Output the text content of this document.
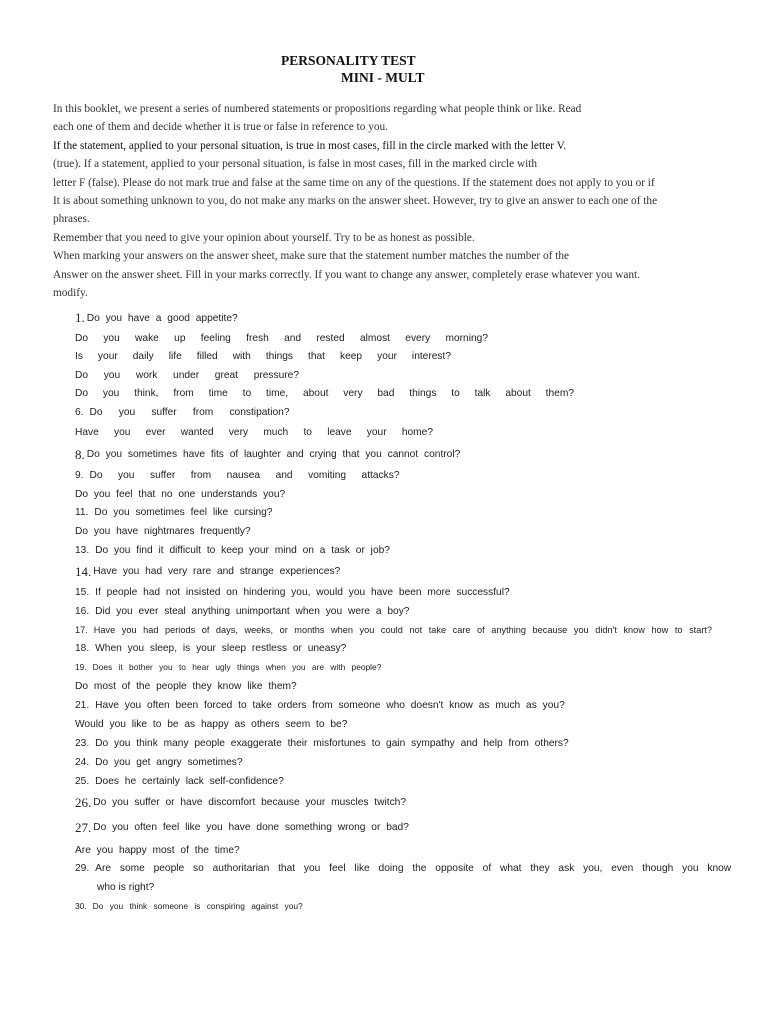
PERSONALITY TEST
MINI - MULT
In this booklet, we present a series of numbered statements or propositions regarding what people think or like. Read
each one of them and decide whether it is true or false in reference to you.
If the statement, applied to your personal situation, is true in most cases, fill in the circle marked with the letter V.
(true). If a statement, applied to your personal situation, is false in most cases, fill in the marked circle with
letter F (false). Please do not mark true and false at the same time on any of the questions. If the statement does not apply to you or if
It is about something unknown to you, do not make any marks on the answer sheet. However, try to give an answer to each one of the
phrases.
Remember that you need to give your opinion about yourself. Try to be as honest as possible.
When marking your answers on the answer sheet, make sure that the statement number matches the number of the
Answer on the answer sheet. Fill in your marks correctly. If you want to change any answer, completely erase whatever you want.
modify.
1. Do you have a good appetite?
Do you wake up feeling fresh and rested almost every morning?
Is your daily life filled with things that keep your interest?
Do you work under great pressure?
Do you think, from time to time, about very bad things to talk about them?
6. Do you suffer from constipation?
Have you ever wanted very much to leave your home?
8. Do you sometimes have fits of laughter and crying that you cannot control?
9. Do you suffer from nausea and vomiting attacks?
Do you feel that no one understands you?
11. Do you sometimes feel like cursing?
Do you have nightmares frequently?
13. Do you find it difficult to keep your mind on a task or job?
14. Have you had very rare and strange experiences?
15. If people had not insisted on hindering you, would you have been more successful?
16. Did you ever steal anything unimportant when you were a boy?
17. Have you had periods of days, weeks, or months when you could not take care of anything because you didn't know how to start?
18. When you sleep, is your sleep restless or uneasy?
19. Does it bother you to hear ugly things when you are with people?
Do most of the people they know like them?
21. Have you often been forced to take orders from someone who doesn't know as much as you?
Would you like to be as happy as others seem to be?
23. Do you think many people exaggerate their misfortunes to gain sympathy and help from others?
24. Do you get angry sometimes?
25. Does he certainly lack self-confidence?
26. Do you suffer or have discomfort because your muscles twitch?
27. Do you often feel like you have done something wrong or bad?
Are you happy most of the time?
29. Are some people so authoritarian that you feel like doing the opposite of what they ask you, even though you know
who is right?
30. Do you think someone is conspiring against you?
